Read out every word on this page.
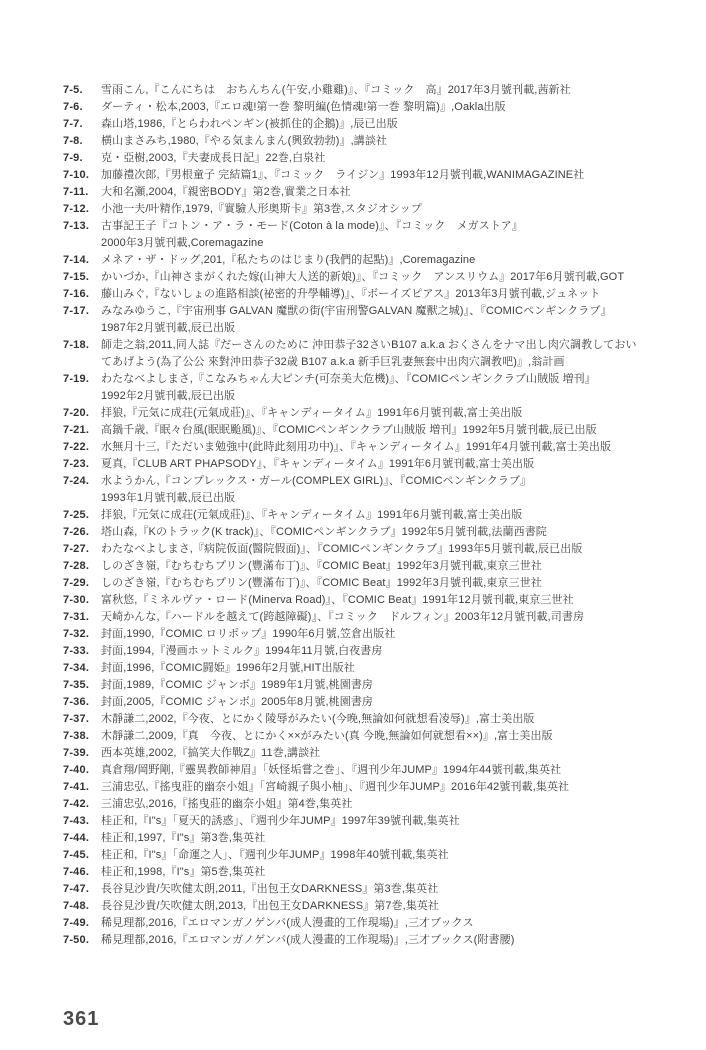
7-5.	雪雨こん,『こんにちは　おちんちん(午安,小雞雞)』、『コミック　高』2017年3月號刊載,茜新社
7-6.	ダーティ・松本,2003,『エロ魂!第一巻 黎明編(色情魂!第一巻 黎明篇)』,Oakla出版
7-7.	森山塔,1986,『とらわれペンギン(被抓住的企鵝)』,辰已出版
7-8.	横山まさみち,1980,『やる気まんまん(興致勃勃)』,講談社
7-9.	克・亞樹,2003,『夫妻成長日記』22巻,白泉社
7-10.	加藤禮次郎,『男根童子 完結篇1』、『コミック　ライジン』1993年12月號刊載,WANIMAGAZINE社
7-11.	大和名瀬,2004,『親密BODY』第2巻,實業之日本社
7-12.	小池一夫/叶精作,1979,『實驗人形奥斯卡』第3巻,スタジオシップ
7-13.	古事記王子『コトン・ア・ラ・モード(Coton à la mode)』、『コミック　メガストア』
2000年3月號刊載,Coremagazine
7-14.	メネア・ザ・ドッグ,201,『私たちのはじまり(我們的起點)』,Coremagazine
7-15.	かいづか,『山神さまがくれた嫁(山神大人送的新娘)』、『コミック　アンスリウム』2017年6月號刊載,GOT
7-16.	藤山みぐ,『ないしょの進路相談(祕密的升學輔導)』、『ボーイズピアス』2013年3月號刊載,ジュネット
7-17.	みなみゆうこ,『宇宙刑事 GALVAN 魔獣の街(宇宙刑警GALVAN 魔獸之城)』、『COMICペンギンクラブ』
1987年2月號刊載,辰已出版
7-18.	師走之翁,2011,同人誌『だーさんのために 沖田恭子32さいB107 a.k.a おくさんをナマ出し肉穴調教しておい
てあげよう(為了公公 來對沖田恭子32歳 B107 a.k.a 新手巨乳妻無套中出肉穴調教吧)』,翁計画
7-19.	わたなべよしまさ,『こなみちゃん大ピンチ(可奈美大危機)』、『COMICペンギンクラブ山賊版 増刊』
1992年2月號刊載,辰已出版
7-20.	拝狼,『元気に成荘(元氣成莊)』、『キャンディータイム』1991年6月號刊載,富士美出版
7-21.	高鍋千歳,『眠々台風(眠眠颱風)』、『COMICペンギンクラブ山賊版 増刊』1992年5月號刊載,辰已出版
7-22.	水無月十三,『ただいま勉強中(此時此刻用功中)』、『キャンディータイム』1991年4月號刊載,富士美出版
7-23.	夏真,『CLUB ART PHAPSODY』、『キャンディータイム』1991年6月號刊載,富士美出版
7-24.	水ようかん,『コンプレックス・ガール(COMPLEX GIRL)』、『COMICペンギンクラブ』
1993年1月號刊載,辰已出版
7-25.	拝狼,『元気に成荘(元氣成莊)』、『キャンディータイム』1991年6月號刊載,富士美出版
7-26.	塔山森,『Kのトラック(K track)』、『COMICペンギンクラブ』1992年5月號刊載,法蘭西書院
7-27.	わたなべよしまさ,『病院仮面(醫院假面)』、『COMICペンギンクラブ』1993年5月號刊載,辰已出版
7-28.	しのざき嶺,『むちむちプリン(豐滿布丁)』、『COMIC Beat』1992年3月號刊載,東京三世社
7-29.	しのざき嶺,『むちむちプリン(豐滿布丁)』、『COMIC Beat』1992年3月號刊載,東京三世社
7-30.	富秋悠,『ミネルヴァ・ロード(Minerva Road)』、『COMIC Beat』1991年12月號刊載,東京三世社
7-31.	天崎かんな,『ハードルを越えて(跨越障礙)』、『コミック　ドルフィン』2003年12月號刊載,司書房
7-32.	封面,1990,『COMIC ロリポップ』1990年6月號,笠倉出版社
7-33.	封面,1994,『漫画ホットミルク』1994年11月號,白夜書房
7-34.	封面,1996,『COMIC闘姫』1996年2月號,HIT出版社
7-35.	封面,1989,『COMIC ジャンボ』1989年1月號,桃園書房
7-36.	封面,2005,『COMIC ジャンボ』2005年8月號,桃園書房
7-37.	木靜謙二,2002,『今夜、とにかく陵辱がみたい(今晚,無論如何就想看凌辱)』,富士美出版
7-38.	木靜謙二,2009,『真　今夜、とにかく××がみたい(真 今晚,無論如何就想看××)』,富士美出版
7-39.	西本英雄,2002,『搞笑大作戰Z』11巻,講談社
7-40.	真倉翔/岡野剛,『靈異教師神眉』「妖怪垢嘗之巻」、『週刊少年JUMP』1994年44號刊載,集英社
7-41.	三浦忠弘,『搖曳莊的幽奈小姐』「宮崎親子與小柚」、『週刊少年JUMP』2016年42號刊載,集英社
7-42.	三浦忠弘,2016,『搖曳莊的幽奈小姐』第4巻,集英社
7-43.	桂正和,『I"s』「夏天的誘惑」、『週刊少年JUMP』1997年39號刊載,集英社
7-44.	桂正和,1997,『I"s』第3巻,集英社
7-45.	桂正和,『I"s』「命運之人」、『週刊少年JUMP』1998年40號刊載,集英社
7-46.	桂正和,1998,『I"s』第5巻,集英社
7-47.	長谷見沙貴/矢吹健太朗,2011,『出包王女DARKNESS』第3巻,集英社
7-48.	長谷見沙貴/矢吹健太朗,2013,『出包王女DARKNESS』第7巻,集英社
7-49.	稀見理都,2016,『エロマンガノゲンバ(成人漫畫的工作現場)』,三才ブックス
7-50.	稀見理都,2016,『エロマンガノゲンバ(成人漫畫的工作現場)』,三才ブックス(附書腰)
361
